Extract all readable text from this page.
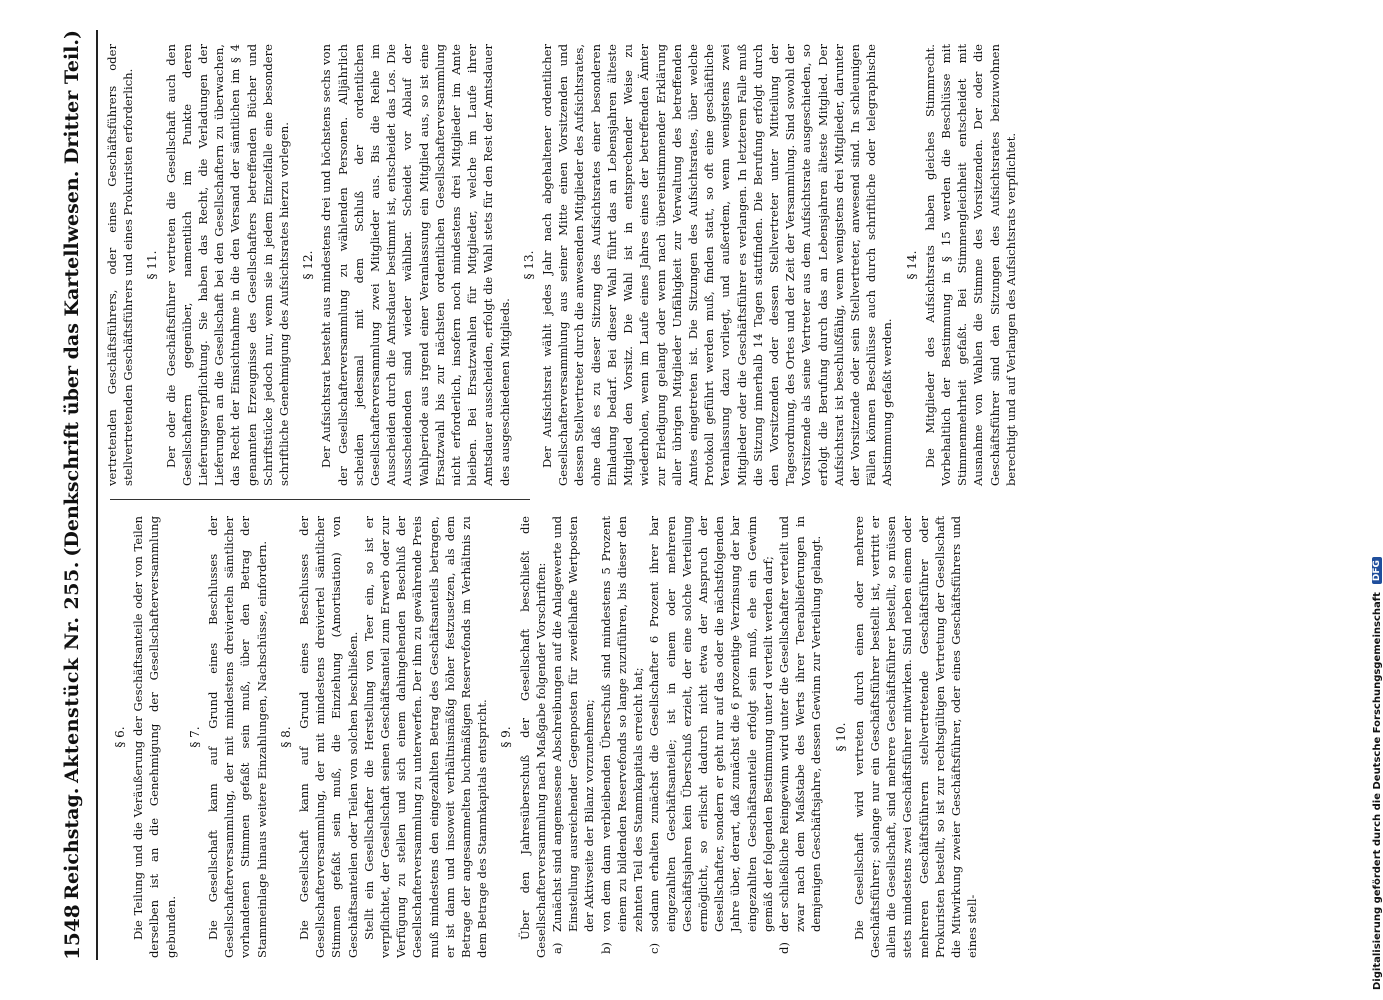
1548
Reichstag.
Aktenstück Nr. 255.
(Denkschrift über das Kartellwesen. Dritter Teil.)
§ 6. Die Teilung und die Veräußerung der Geschäftsanteile oder von Teilen derselben ist an die Genehmigung der Gesellschafterversammlung gebunden.

§ 7. Die Gesellschaft kann auf Grund eines Beschlusses der Gesellschafterversammlung, der mit mindestens dreivierteln sämtlicher vorhandenen Stimmen gefaßt sein muß, über den Betrag der Stammeinlage hinaus weitere Einzahlungen, Nachschüsse, einfordern. § 8. Die Gesellschaft kann auf Grund eines Beschlusses der Gesellschafterversammlung, der mit mindestens dreiviertel sämtlicher Stimmen gefaßt sein muß, die Einziehung (Amortisation) von Geschäftsanteilen oder Teilen von solchen beschließen. Stellt ein Gesellschafter die Herstellung von Teer ein, so ist er verpflichtet, der Gesellschaft seinen Geschäftsanteil zum Erwerb oder zur Verfügung zu stellen und sich einem dahingehenden Beschluß der Gesellschafterversammlung zu unterwerfen. Der ihm zu gewährende Preis muß mindestens den eingezahlten Betrag des Geschäftsanteils betragen, er ist dann und insoweit verhältnismäßig höher festzusetzen, als dem Betrage der angesammelten buchmäßigen Reservefonds im Verhältnis zu dem Betrage des Stammkapitals entspricht. § 9. Über den Jahresüberschuß der Gesellschaft beschließt die Gesellschafterversammlung nach Maßgabe folgender Vorschriften: a)
Zunächst sind angemessene Abschreibungen auf die Anlagewerte und Einstellung ausreichender Gegenposten für zweifelhafte Wertposten der Aktivseite der Bilanz vorzunehmen;
b)
von dem dann verbleibenden Überschuß sind mindestens 5 Prozent einem zu bildenden Reservefonds so lange zuzuführen, bis dieser den zehnten Teil des Stammkapitals erreicht hat;
c)
sodann erhalten zunächst die Gesellschafter 6 Prozent ihrer bar eingezahlten Geschäftsanteile; ist in einem oder mehreren Geschäftsjahren kein Überschuß erzielt, der eine solche Verteilung ermöglicht, so erlischt dadurch nicht etwa der Anspruch der Gesellschafter, sondern er geht nur auf das oder die nächstfolgenden Jahre über, derart, daß zunächst die 6 prozentige Verzinsung der bar eingezahlten Geschäftsanteile erfolgt sein muß, ehe ein Gewinn gemäß der folgenden Bestimmung unter d verteilt werden darf;
d)
der schließliche Reingewinn wird unter die Gesellschafter verteilt und zwar nach dem Maßstabe des Werts ihrer Teerablieferungen in demjenigen Geschäftsjahre, dessen Gewinn zur Verteilung gelangt. § 10. Die Gesellschaft wird vertreten durch einen oder mehrere Geschäftsführer; solange nur ein Geschäftsführer bestellt ist, vertritt er allein die Gesellschaft, sind mehrere Geschäftsführer bestellt, so müssen stets mindestens zwei Geschäftsführer mitwirken. Sind neben einem oder mehreren Geschäftsführern stellvertretende Geschäftsführer oder Prokuristen bestellt, so ist zur rechtsgültigen Vertretung der Gesellschaft die Mitwirkung zweier Geschäftsführer, oder eines Geschäftsführers und eines stell-

vertretenden Geschäftsführers, oder eines Geschäftsführers oder stellvertretenden Geschäftsführers und eines Prokuristen erforderlich. § 11. Der oder die Geschäftsführer vertreten die Gesellschaft auch den Gesellschaftern gegenüber, namentlich im Punkte deren Lieferungsverpflichtung. Sie haben das Recht, die Verladungen der Lieferungen an die Gesellschaft bei den Gesellschaftern zu überwachen, das Recht der Einsichtnahme in die den Versand der sämtlichen im § 4 genannten Erzeugnisse des Gesellschafters betreffenden Bücher und Schriftstücke jedoch nur, wenn sie in jedem Einzelfalle eine besondere schriftliche Genehmigung des Aufsichtsrates hierzu vorlegen. § 12. Der Aufsichtsrat besteht aus mindestens drei und höchstens sechs von der Gesellschafterversammlung zu wählenden Personen. Alljährlich scheiden jedesmal mit dem Schluß der ordentlichen Gesellschafterversammlung zwei Mitglieder aus. Bis die Reihe im Ausscheiden durch die Amtsdauer bestimmt ist, entscheidet das Los. Die Ausscheidenden sind wieder wählbar. Scheidet vor Ablauf der Wahlperiode aus irgend einer Veranlassung ein Mitglied aus, so ist eine Ersatzwahl bis zur nächsten ordentlichen Gesellschafterversammlung nicht erforderlich, insofern noch mindestens drei Mitglieder im Amte bleiben. Bei Ersatzwahlen für Mitglieder, welche im Laufe ihrer Amtsdauer ausscheiden, erfolgt die Wahl stets für den Rest der Amtsdauer des ausgeschiedenen Mitglieds.

§ 13. Der Aufsichtsrat wählt jedes Jahr nach abgehaltener ordentlicher Gesellschafterversammlung aus seiner Mitte einen Vorsitzenden und dessen Stellvertreter durch die anwesenden Mitglieder des Aufsichtsrates, ohne daß es zu dieser Sitzung des Aufsichtsrates einer besonderen Einladung bedarf. Bei dieser Wahl führt das an Lebensjahren älteste Mitglied den Vorsitz. Die Wahl ist in entsprechender Weise zu wiederholen, wenn im Laufe eines Jahres eines der betreffenden Ämter zur Erledigung gelangt oder wenn nach übereinstimmender Erklärung aller übrigen Mitglieder Unfähigkeit zur Verwaltung des betreffenden Amtes eingetreten ist. Die Sitzungen des Aufsichtsrates, über welche Protokoll geführt werden muß, finden statt, so oft eine geschäftliche Veranlassung dazu vorliegt, und außerdem, wenn wenigstens zwei Mitglieder oder die Geschäftsführer es verlangen. In letzterem Falle muß die Sitzung innerhalb 14 Tagen stattfinden. Die Berufung erfolgt durch den Vorsitzenden oder dessen Stellvertreter unter Mitteilung der Tagesordnung, des Ortes und der Zeit der Versammlung. Sind sowohl der Vorsitzende als seine Vertreter aus dem Aufsichtsrate ausgeschieden, so erfolgt die Berufung durch das an Lebensjahren älteste Mitglied. Der Aufsichtsrat ist beschlußfähig, wenn wenigstens drei Mitglieder, darunter der Vorsitzende oder sein Stellvertreter, anwesend sind. In schleunigen Fällen können Beschlüsse auch durch schriftliche oder telegraphische Abstimmung gefaßt werden.

§ 14. Die Mitglieder des Aufsichtsrats haben gleiches Stimmrecht. Vorbehaltlich der Bestimmung in § 15 werden die Beschlüsse mit Stimmenmehrheit gefaßt. Bei Stimmengleichheit entscheidet mit Ausnahme von Wahlen die Stimme des Vorsitzenden. Der oder die Geschäftsführer sind den Sitzungen des Aufsichtsrates beizuwohnen berechtigt und auf Verlangen des Aufsichtsrats verpflichtet.

Digitalisierung gefördert durch die Deutsche Forschungsgemeinschaft
DFG
